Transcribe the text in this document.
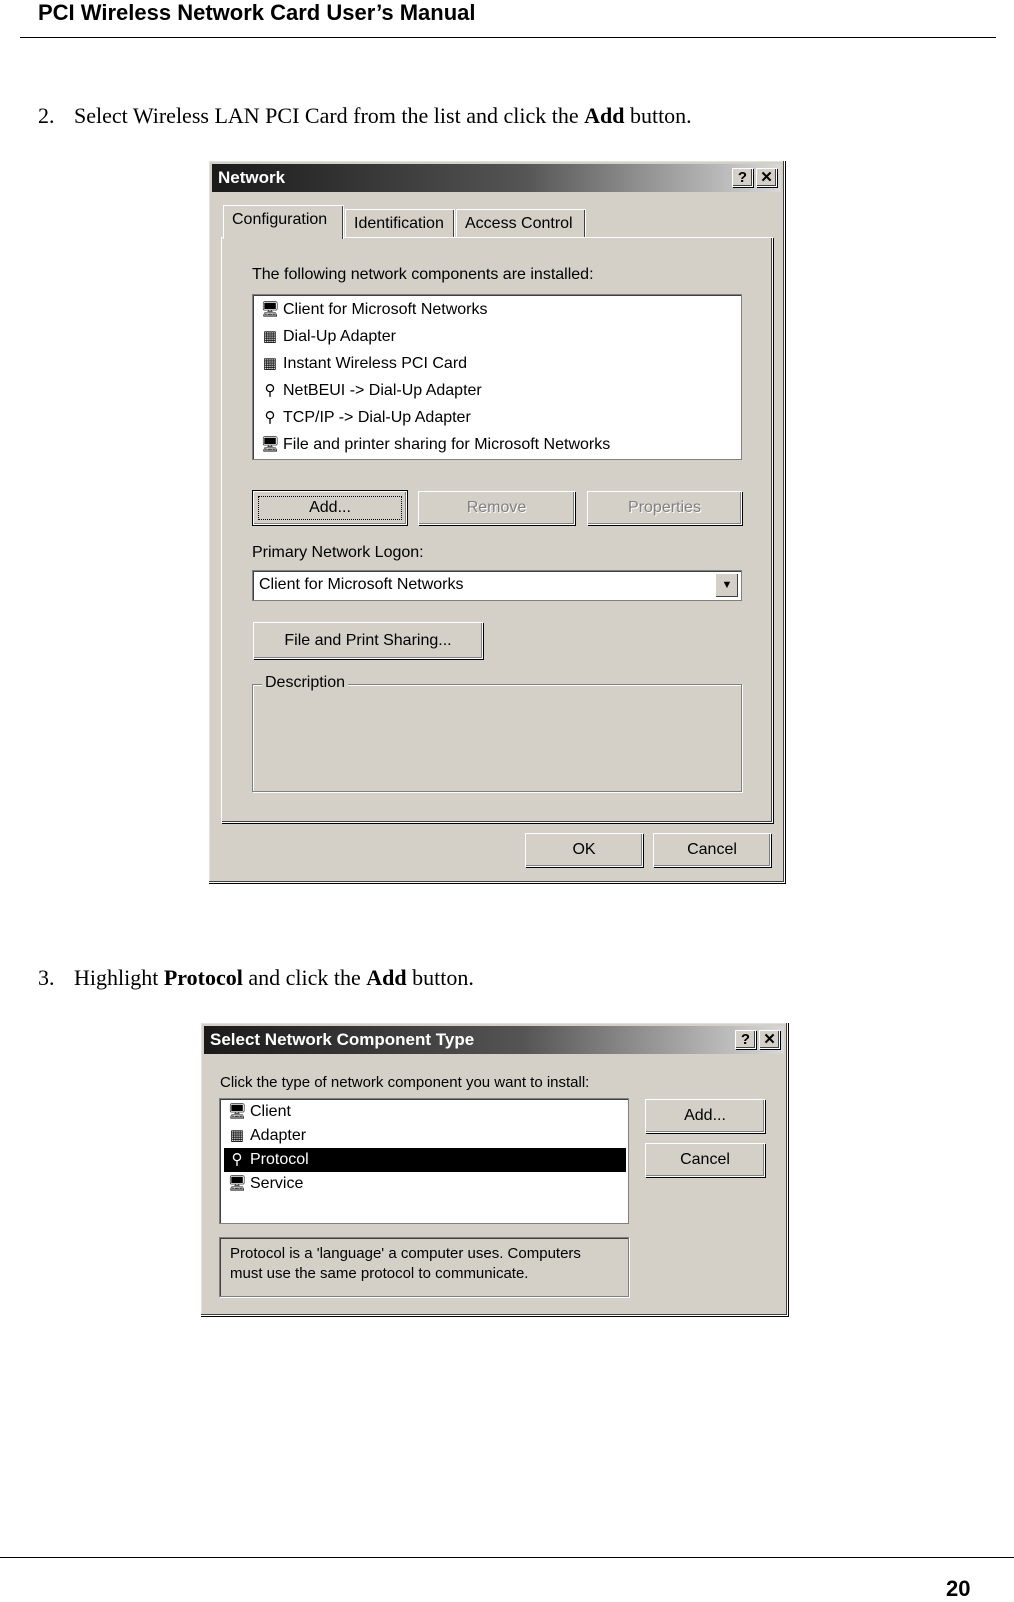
PCI Wireless Network Card User’s Manual
2. Select Wireless LAN PCI Card from the list and click the Add button.
Network	? ✕
Configuration	Identification	Access Control
The following network components are installed:
🖥 Client for Microsoft Networks
▦ Dial-Up Adapter
▦ Instant Wireless PCI Card
⚲ NetBEUI -> Dial-Up Adapter
⚲ TCP/IP -> Dial-Up Adapter
🖥 File and printer sharing for Microsoft Networks
Add...	Remove	Properties
Primary Network Logon:
Client for Microsoft Networks	▼
File and Print Sharing...
Description
OK	Cancel
3. Highlight Protocol and click the Add button.
Select Network Component Type	? ✕
Click the type of network component you want to install:
🖥 Client
▦ Adapter
⚲ Protocol
🖥 Service
Add...
Cancel
Protocol is a 'language' a computer uses. Computers
must use the same protocol to communicate.
20
